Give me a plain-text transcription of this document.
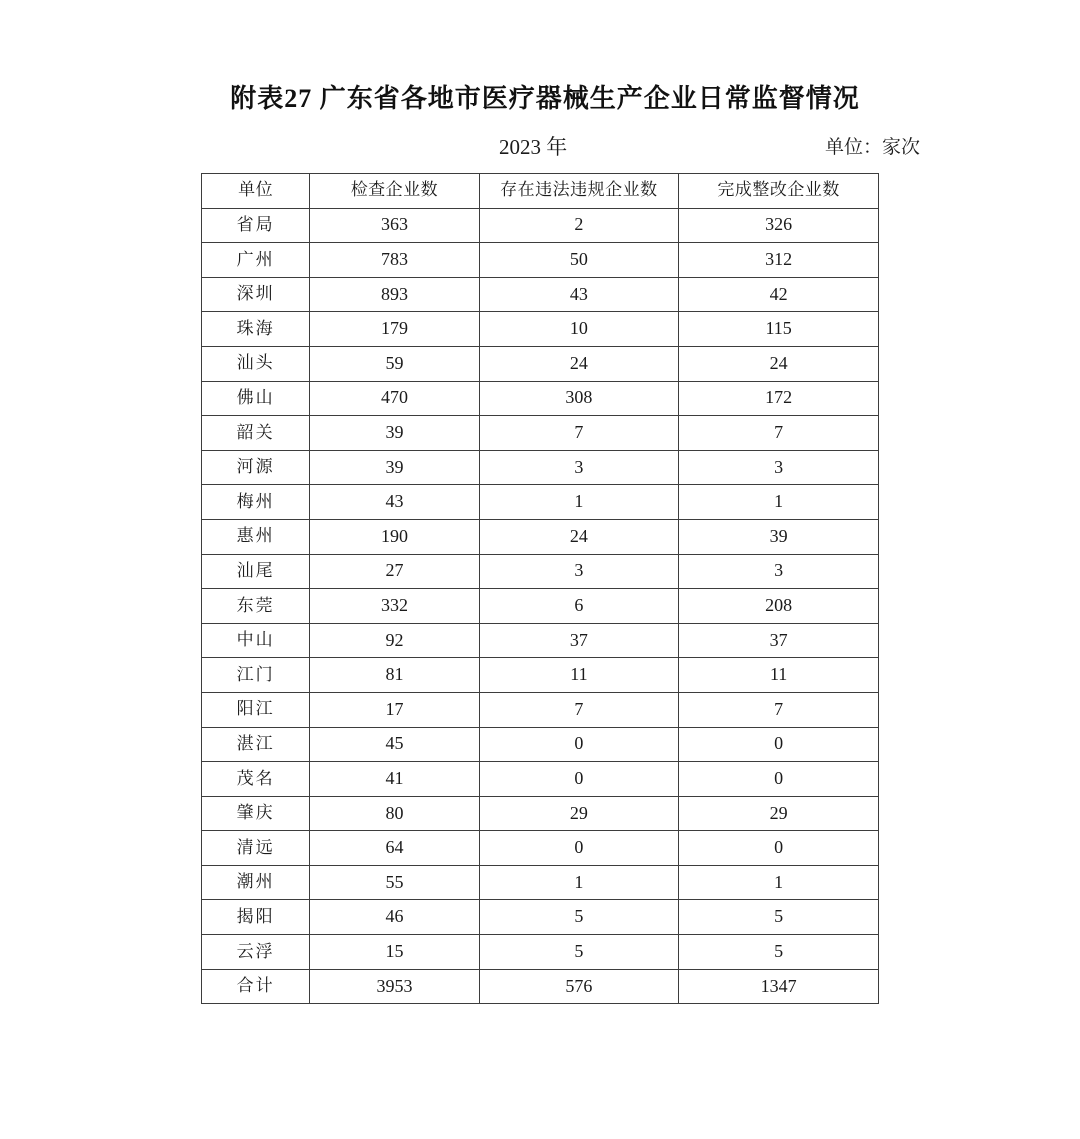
附表27 广东省各地市医疗器械生产企业日常监督情况
2023 年	单位：家次
单位	检查企业数	存在违法违规企业数	完成整改企业数
省局	363	2	326
广州	783	50	312
深圳	893	43	42
珠海	179	10	115
汕头	59	24	24
佛山	470	308	172
韶关	39	7	7
河源	39	3	3
梅州	43	1	1
惠州	190	24	39
汕尾	27	3	3
东莞	332	6	208
中山	92	37	37
江门	81	11	11
阳江	17	7	7
湛江	45	0	0
茂名	41	0	0
肇庆	80	29	29
清远	64	0	0
潮州	55	1	1
揭阳	46	5	5
云浮	15	5	5
合计	3953	576	1347
